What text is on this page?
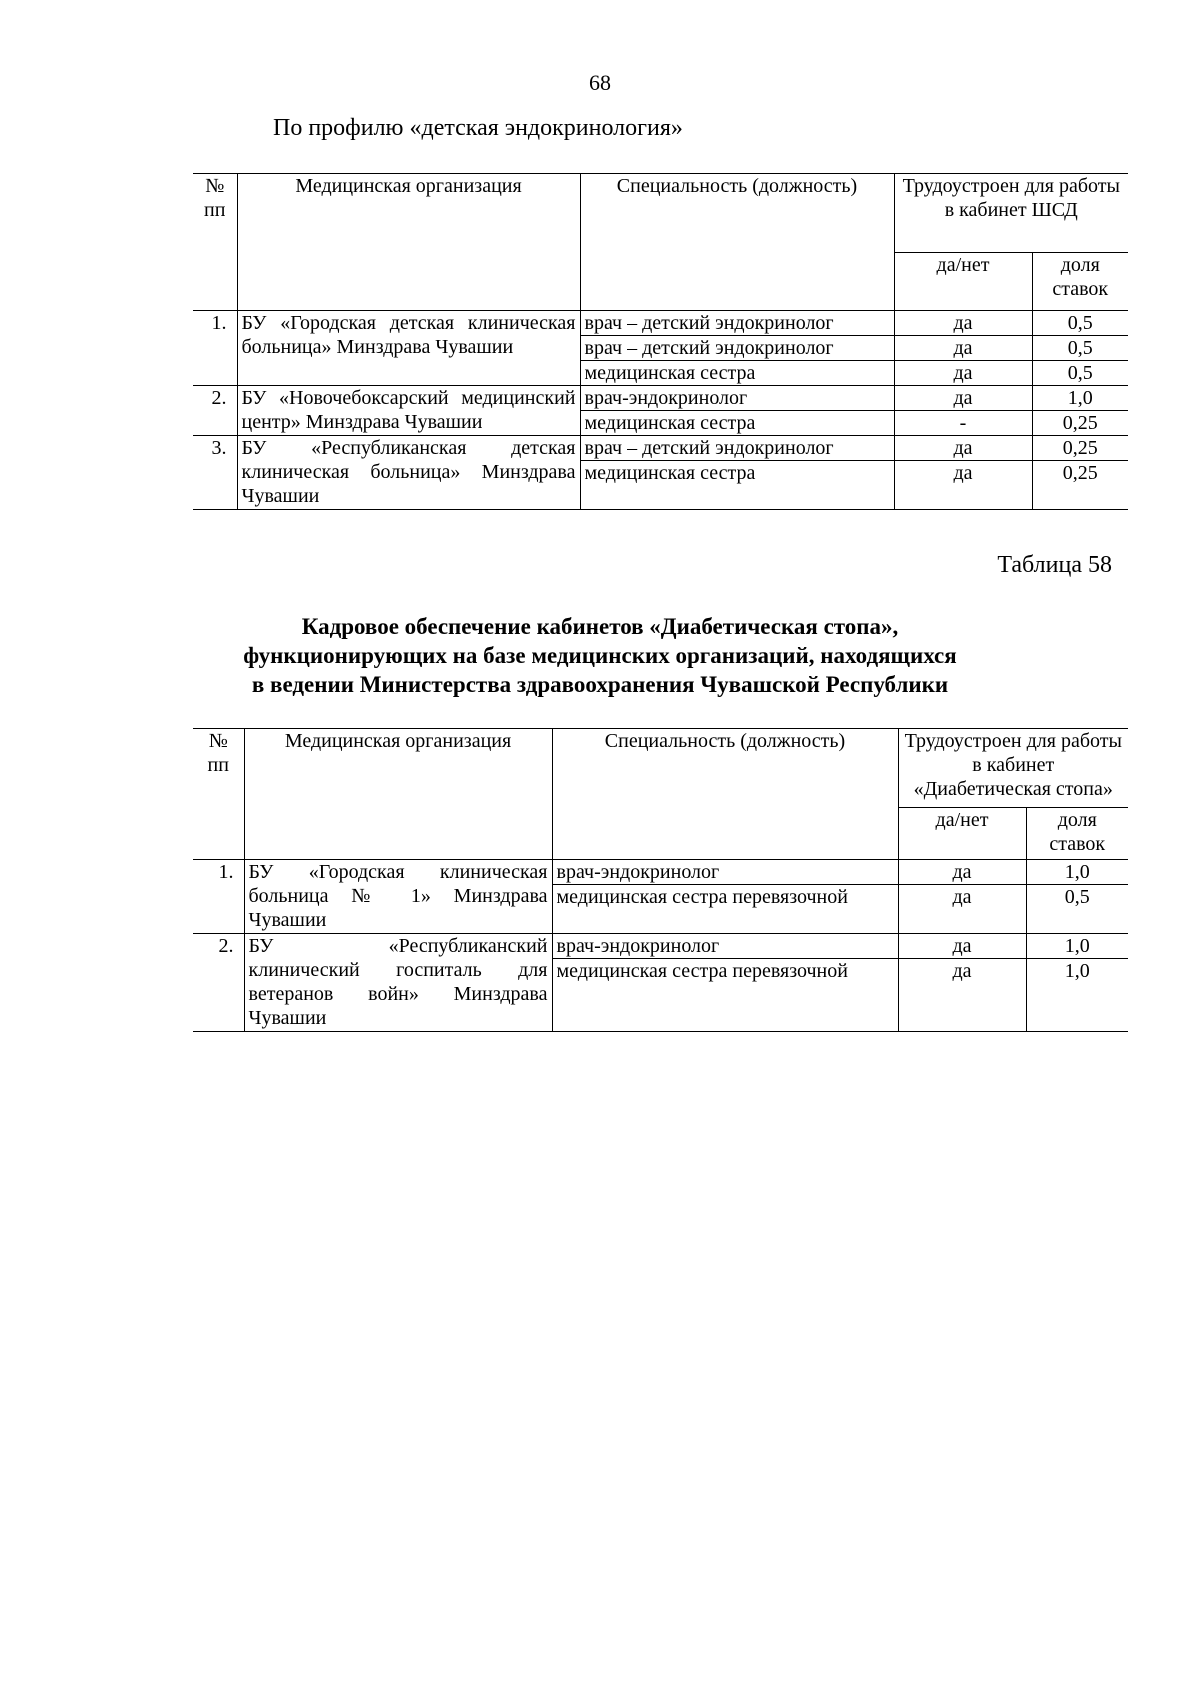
68
По профилю «детская эндокринология»
№ пп	Медицинская организация	Специальность (должность)	Трудоустроен для работы в кабинет ШСД	
			да/нет	доля ставок
1.	БУ «Городская детская клиническая больница» Минздрава Чувашии	врач – детский эндокринолог	да	0,5
		врач – детский эндокринолог	да	0,5
		медицинская сестра	да	0,5
2.	БУ «Новочебоксарский медицинский центр» Минздрава Чувашии	врач-эндокринолог	да	1,0
		медицинская сестра	-	0,25
3.	БУ «Республиканская детская клиническая больница» Минздрава Чувашии	врач – детский эндокринолог	да	0,25
		медицинская сестра	да	0,25
Таблица 58
Кадровое обеспечение кабинетов «Диабетическая стопа»,
функционирующих на базе медицинских организаций, находящихся
в ведении Министерства здравоохранения Чувашской Республики
№ пп	Медицинская организация	Специальность (должность)	Трудоустроен для работы в кабинет «Диабетическая стопа»	
			да/нет	доля ставок
1.	БУ «Городская клиническая больница № 1» Минздрава Чувашии	врач-эндокринолог	да	1,0
		медицинская сестра перевязочной	да	0,5
2.	БУ «Республиканский клинический госпиталь для ветеранов войн» Минздрава Чувашии	врач-эндокринолог	да	1,0
		медицинская сестра перевязочной	да	1,0
